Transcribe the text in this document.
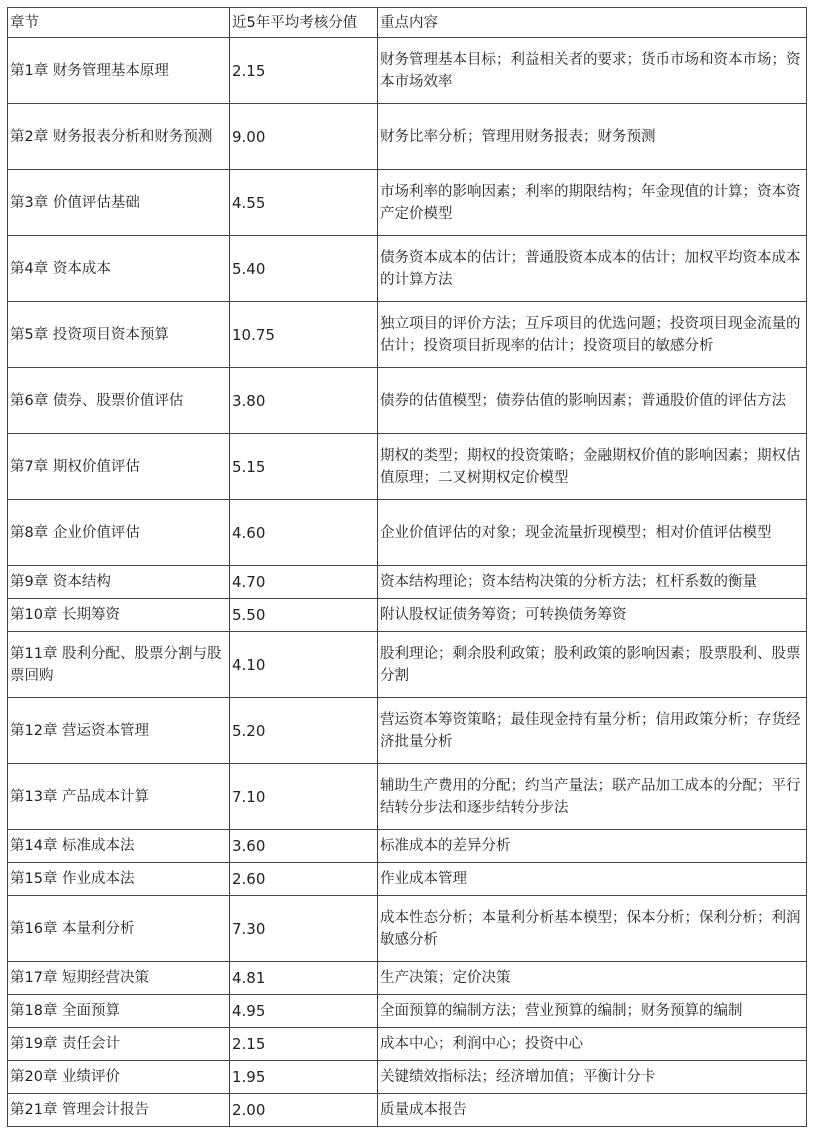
章节	近5年平均考核分值	重点内容
第1章 财务管理基本原理	2.15	财务管理基本目标；利益相关者的要求；货币市场和资本市场；资本市场效率
第2章 财务报表分析和财务预测	9.00	财务比率分析；管理用财务报表；财务预测
第3章 价值评估基础	4.55	市场利率的影响因素；利率的期限结构；年金现值的计算；资本资产定价模型
第4章 资本成本	5.40	债务资本成本的估计；普通股资本成本的估计；加权平均资本成本的计算方法
第5章 投资项目资本预算	10.75	独立项目的评价方法；互斥项目的优选问题；投资项目现金流量的估计；投资项目折现率的估计；投资项目的敏感分析
第6章 债券、股票价值评估	3.80	债券的估值模型；债券估值的影响因素；普通股价值的评估方法
第7章 期权价值评估	5.15	期权的类型；期权的投资策略；金融期权价值的影响因素；期权估值原理；二叉树期权定价模型
第8章 企业价值评估	4.60	企业价值评估的对象；现金流量折现模型；相对价值评估模型
第9章 资本结构	4.70	资本结构理论；资本结构决策的分析方法；杠杆系数的衡量
第10章 长期筹资	5.50	附认股权证债务筹资；可转换债务筹资
第11章 股利分配、股票分割与股票回购	4.10	股利理论；剩余股利政策；股利政策的影响因素；股票股利、股票分割
第12章 营运资本管理	5.20	营运资本筹资策略；最佳现金持有量分析；信用政策分析；存货经济批量分析
第13章 产品成本计算	7.10	辅助生产费用的分配；约当产量法；联产品加工成本的分配；平行结转分步法和逐步结转分步法
第14章 标准成本法	3.60	标准成本的差异分析
第15章 作业成本法	2.60	作业成本管理
第16章 本量利分析	7.30	成本性态分析；本量利分析基本模型；保本分析；保利分析；利润敏感分析
第17章 短期经营决策	4.81	生产决策；定价决策
第18章 全面预算	4.95	全面预算的编制方法；营业预算的编制；财务预算的编制
第19章 责任会计	2.15	成本中心；利润中心；投资中心
第20章 业绩评价	1.95	关键绩效指标法；经济增加值；平衡计分卡
第21章 管理会计报告	2.00	质量成本报告
